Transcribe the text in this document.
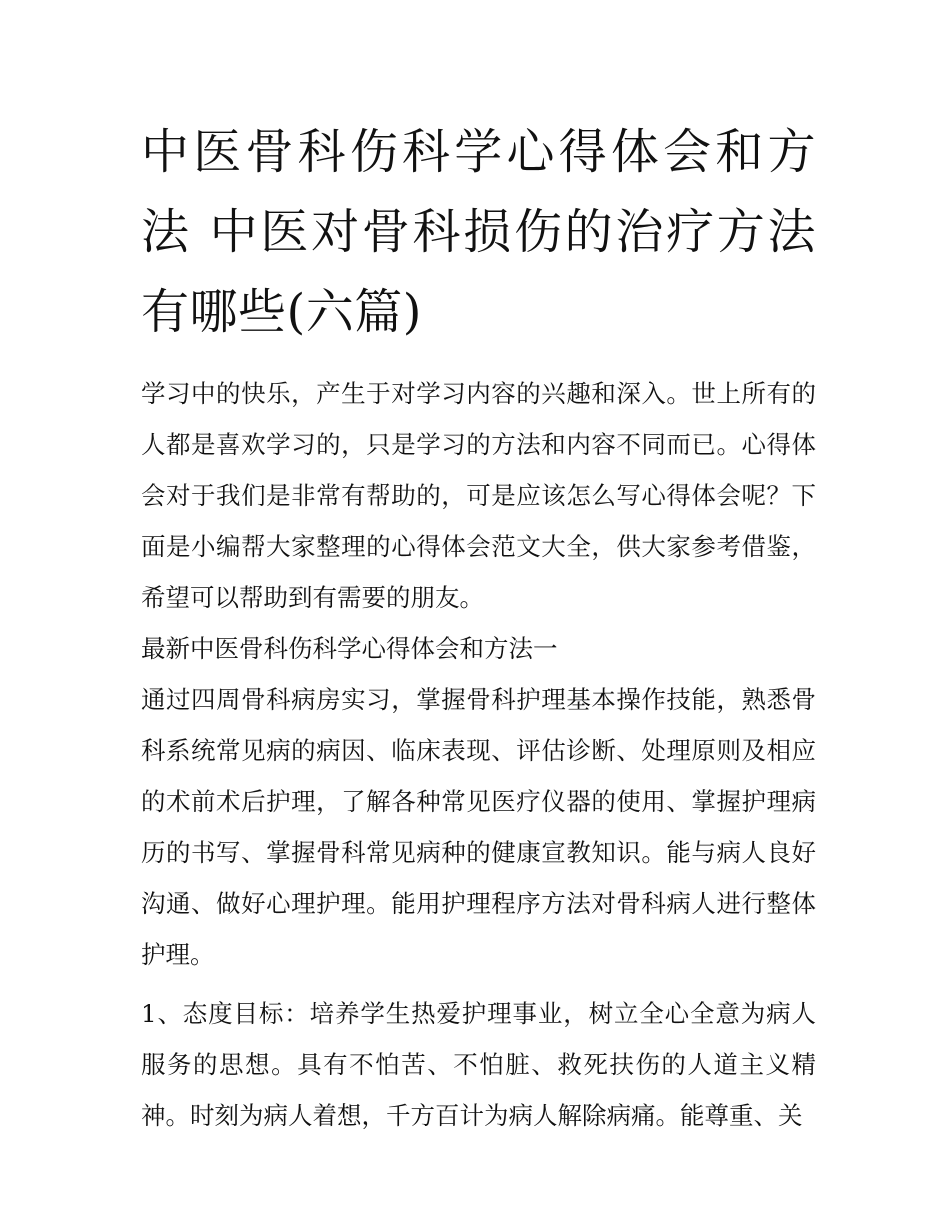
中医骨科伤科学心得体会和方法 中医对骨科损伤的治疗方法有哪些(六篇)

学习中的快乐，产生于对学习内容的兴趣和深入。世上所有的人都是喜欢学习的，只是学习的方法和内容不同而已。心得体会对于我们是非常有帮助的，可是应该怎么写心得体会呢？下面是小编帮大家整理的心得体会范文大全，供大家参考借鉴，希望可以帮助到有需要的朋友。

最新中医骨科伤科学心得体会和方法一

通过四周骨科病房实习，掌握骨科护理基本操作技能，熟悉骨科系统常见病的病因、临床表现、评估诊断、处理原则及相应的术前术后护理，了解各种常见医疗仪器的使用、掌握护理病历的书写、掌握骨科常见病种的健康宣教知识。能与病人良好沟通、做好心理护理。能用护理程序方法对骨科病人进行整体护理。

1、态度目标：培养学生热爱护理事业，树立全心全意为病人服务的思想。具有不怕苦、不怕脏、救死扶伤的人道主义精神。时刻为病人着想，千方百计为病人解除病痛。能尊重、关
